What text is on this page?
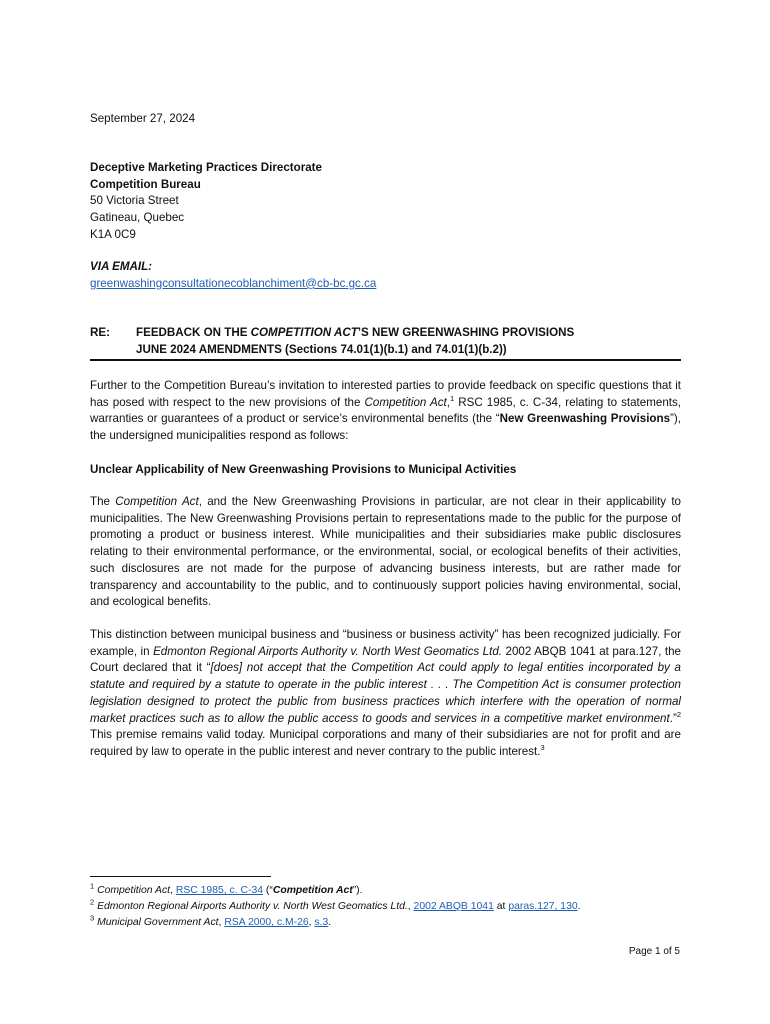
September 27, 2024
Deceptive Marketing Practices Directorate
Competition Bureau
50 Victoria Street
Gatineau, Quebec
K1A 0C9
VIA EMAIL:
greenwashingconsultationecoblanchiment@cb-bc.gc.ca
RE: FEEDBACK ON THE COMPETITION ACT’S NEW GREENWASHING PROVISIONS
JUNE 2024 AMENDMENTS (Sections 74.01(1)(b.1) and 74.01(1)(b.2))
Further to the Competition Bureau’s invitation to interested parties to provide feedback on specific questions that it has posed with respect to the new provisions of the Competition Act,$^1$ RSC 1985, c. C-34, relating to statements, warranties or guarantees of a product or service’s environmental benefits (the “New Greenwashing Provisions”), the undersigned municipalities respond as follows:
Unclear Applicability of New Greenwashing Provisions to Municipal Activities
The Competition Act, and the New Greenwashing Provisions in particular, are not clear in their applicability to municipalities. The New Greenwashing Provisions pertain to representations made to the public for the purpose of promoting a product or business interest. While municipalities and their subsidiaries make public disclosures relating to their environmental performance, or the environmental, social, or ecological benefits of their activities, such disclosures are not made for the purpose of advancing business interests, but are rather made for transparency and accountability to the public, and to continuously support policies having environmental, social, and ecological benefits.
This distinction between municipal business and “business or business activity” has been recognized judicially. For example, in Edmonton Regional Airports Authority v. North West Geomatics Ltd. 2002 ABQB 1041 at para.127, the Court declared that it “[does] not accept that the Competition Act could apply to legal entities incorporated by a statute and required by a statute to operate in the public interest . . . The Competition Act is consumer protection legislation designed to protect the public from business practices which interfere with the operation of normal market practices such as to allow the public access to goods and services in a competitive market environment.”$^2$ This premise remains valid today. Municipal corporations and many of their subsidiaries are not for profit and are required by law to operate in the public interest and never contrary to the public interest.$^3$
$^1$ Competition Act, RSC 1985, c. C-34 (“Competition Act”).
$^2$ Edmonton Regional Airports Authority v. North West Geomatics Ltd., 2002 ABQB 1041 at paras.127, 130.
$^3$ Municipal Government Act, RSA 2000, c.M-26, s.3.
Page 1 of 5
